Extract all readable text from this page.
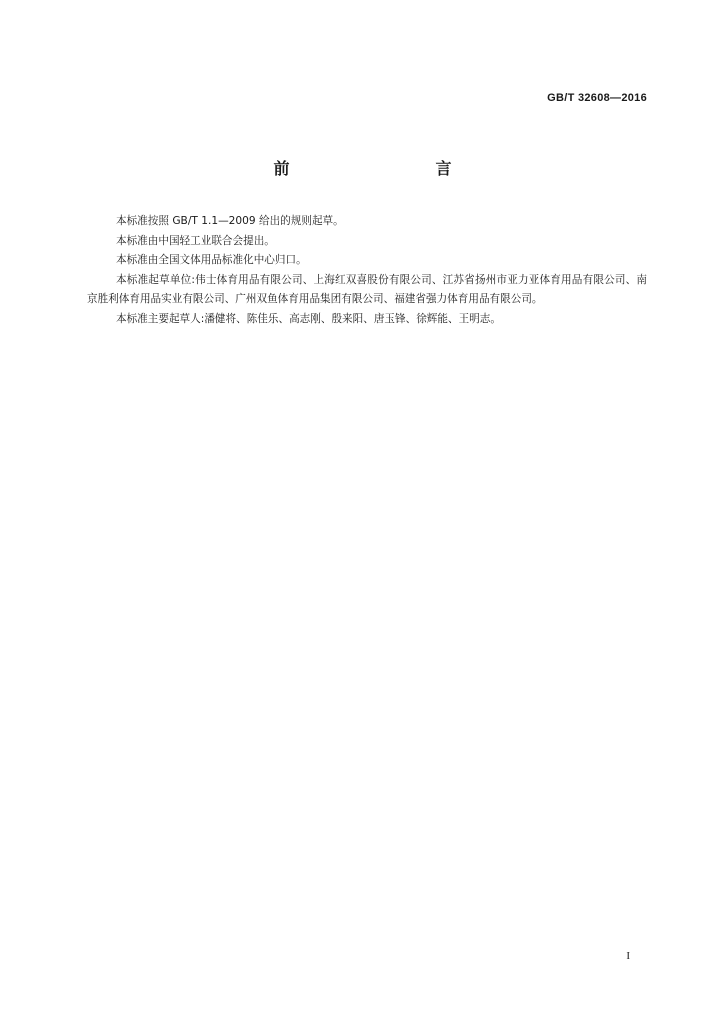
GB/T 32608—2016
前　　言

本标准按照 GB/T 1.1—2009 给出的规则起草。

本标准由中国轻工业联合会提出。

本标准由全国文体用品标准化中心归口。

本标准起草单位:伟士体育用品有限公司、上海红双喜股份有限公司、江苏省扬州市亚力亚体育用品有限公司、南京胜利体育用品实业有限公司、广州双鱼体育用品集团有限公司、福建省强力体育用品有限公司。

本标准主要起草人:潘健将、陈佳乐、高志刚、殷来阳、唐玉锋、徐辉能、王明志。

I
